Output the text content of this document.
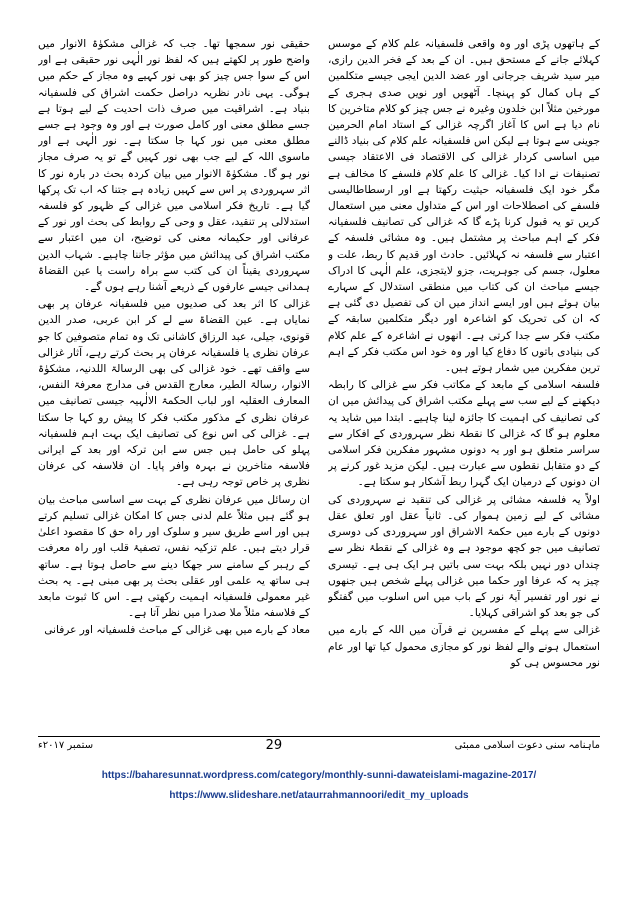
حقیقی نور سمجھا تھا۔ جب کہ غزالی مشکوٰۃ الانوار میں واضح طور پر لکھتے ہیں کہ لفظ نور الٰہی نور حقیقی ہے اور اس کے سوا جس چیز کو بھی نور کہیے وہ مجاز کے حکم میں ہوگی۔ یہی نادر نظریہ دراصل حکمت اشراق کی فلسفیانہ بنیاد ہے۔ اشراقیت میں صرف ذات احدیت کے لیے ہوتا ہے جسے مطلق معنی اور کامل صورت ہے اور وہ وجود ہے جسے مطلق معنی میں نور کہا جا سکتا ہے۔ نور الٰہی ہے اور ماسوی اللہ کے لیے جب بھی نور کہیں گے تو یہ صرف مجاز نور ہو گا۔ مشکوٰۃ الانوار میں بیان کردہ بحث در بارہ نور کا اثر سہروردی پر اس سے کہیں زیادہ ہے جتنا کہ اب تک پرکھا گیا ہے۔ تاریخ فکر اسلامی میں غزالی کے ظہور کو فلسفہ استدلالی پر تنقید، عقل و وحی کے روابط کی بحث اور نور کے عرفانی اور حکیمانہ معنی کی توضیح، ان میں اعتبار سے مکتب اشراق کی پیدائش میں مؤثر جاننا چاہیے۔ شہاب الدین سہروردی یقیناً ان کی کتب سے براہ راست یا عین القضاۃ ہمدانی جیسے عارفوں کے ذریعے آشنا رہے ہوں گے۔

غزالی کا اثر بعد کی صدیوں میں فلسفیانہ عرفان پر بھی نمایاں ہے۔ عین القضاۃ سے لے کر ابن عربی، صدر الدین قونوی، جیلی، عبد الرزاق کاشانی تک وہ تمام متصوفین کا جو عرفان نظری یا فلسفیانہ عرفان پر بحث کرتے رہے، آثار غزالی سے واقف تھے۔ خود غزالی کی بھی الرسالۃ اللدنیہ، مشکوٰۃ الانوار، رسالۃ الطیر، معارج القدس فی مدارج معرفۃ النفس، المعارف العقلیہ اور لباب الحکمۃ الالٰہیہ جیسی تصانیف میں عرفان نظری کے مذکور مکتب فکر کا پیش رو کہا جا سکتا ہے۔ غزالی کی اس نوع کی تصانیف ایک بہت اہم فلسفیانہ پہلو کی حامل ہیں جس سے ابن ترکہ اور بعد کے ایرانی فلاسفہ متاخرین نے بہرہ وافر پایا۔ ان فلاسفہ کی عرفان نظری پر خاص توجہ رہی ہے۔

ان رسائل میں عرفان نظری کے بہت سے اساسی مباحث بیان ہو گئے ہیں مثلاً علم لدنی جس کا امکان غزالی تسلیم کرتے ہیں اور اسے طریق سیر و سلوک اور راہ حق کا مقصود اعلیٰ قرار دیتے ہیں۔ علم تزکیہ نفس، تصفیۂ قلب اور راہ معرفت کے رہبر کے سامنے سر جھکا دینے سے حاصل ہوتا ہے۔ ساتھ ہی ساتھ یہ علمی اور عقلی بحث پر بھی مبنی ہے۔ یہ بحث غیر معمولی فلسفیانہ اہمیت رکھتی ہے۔ اس کا ثبوت مابعد کے فلاسفہ مثلاً ملا صدرا میں نظر آتا ہے۔

معاد کے بارے میں بھی غزالی کے مباحث فلسفیانہ اور عرفانی

کے ہاتھوں پڑی اور وہ واقعی فلسفیانہ علم کلام کے موسس کہلائے جانے کے مستحق ہیں۔ ان کے بعد کے فخر الدین رازی، میر سید شریف جرجانی اور عضد الدین ایجی جیسے متکلمین کے ہاں کمال کو پہنچا۔ آٹھویں اور نویں صدی ہجری کے مورخین مثلاً ابن خلدون وغیرہ نے جس چیز کو کلام متاخرین کا نام دیا ہے اس کا آغاز اگرچہ غزالی کے استاد امام الحرمین جوینی سے ہوتا ہے لیکن اس فلسفیانہ علم کلام کی بنیاد ڈالنے میں اساسی کردار غزالی کی الاقتصاد فی الاعتقاد جیسی تصنیفات نے ادا کیا۔ غزالی کا علم کلام فلسفے کا مخالف ہے مگر خود ایک فلسفیانہ حیثیت رکھتا ہے اور ارسطاطالیسی فلسفے کی اصطلاحات اور اس کے متداول معنی میں استعمال کریں تو یہ قبول کرنا پڑے گا کہ غزالی کی تصانیف فلسفیانہ فکر کے اہم مباحث پر مشتمل ہیں۔ وہ مشائی فلسفہ کے اعتبار سے فلسفہ نہ کہلائیں۔ حادث اور قدیم کا ربط، علت و معلول، جسم کی جوہریت، جزو لایتجزی، علم الٰہی کا ادراک جیسے مباحث ان کی کتاب میں منطقی استدلال کے سہارے بیان ہوئے ہیں اور ایسے انداز میں ان کی تفصیل دی گئی ہے کہ ان کی تحریک کو اشاعرہ اور دیگر متکلمین سابقہ کے مکتب فکر سے جدا کرتی ہے۔ انھوں نے اشاعرہ کے علم کلام کی بنیادی باتوں کا دفاع کیا اور وہ خود اس مکتب فکر کے اہم ترین مفکرین میں شمار ہوتے ہیں۔

فلسفہ اسلامی کے مابعد کے مکاتب فکر سے غزالی کا رابطہ دیکھنے کے لیے سب سے پہلے مکتب اشراق کی پیدائش میں ان کی تصانیف کی اہمیت کا جائزہ لینا چاہیے۔ ابتدا میں شاید یہ معلوم ہو گا کہ غزالی کا نقطۂ نظر سہروردی کے افکار سے سراسر متعلق ہو اور یہ دونوں مشہور مفکرین فکر اسلامی کے دو متقابل نقطوں سے عبارت ہیں۔ لیکن مزید غور کرنے پر ان دونوں کے درمیان ایک گہرا ربط آشکار ہو سکتا ہے۔

اولاً یہ فلسفہ مشائی پر غزالی کی تنقید نے سہروردی کی مشائی کے لیے زمین ہموار کی۔ ثانیاً عقل اور تعلق عقل دونوں کے بارے میں حکمۃ الاشراق اور سہروردی کی دوسری تصانیف میں جو کچھ موجود ہے وہ غزالی کے نقطۂ نظر سے چنداں دور نہیں بلکہ بہت سی باتیں ہر ایک ہی ہے۔ تیسری چیز یہ کہ عرفا اور حکما میں غزالی پہلے شخص ہیں جنھوں نے نور اور تفسیر آیۂ نور کے باب میں اس اسلوب میں گفتگو کی جو بعد کو اشراقی کہلایا۔

غزالی سے پہلے کے مفسرین نے قرآن میں اللہ کے بارے میں استعمال ہونے والے لفظ نور کو مجازی محمول کیا تھا اور عام نور محسوس ہی کو

ستمبر ۲۰۱۷ء	29	ماہنامہ سنی دعوت اسلامی ممبئی
https://baharesunnat.wordpress.com/category/monthly-sunni-dawateislami-magazine-2017/
https://www.slideshare.net/ataurrahmannoori/edit_my_uploads
